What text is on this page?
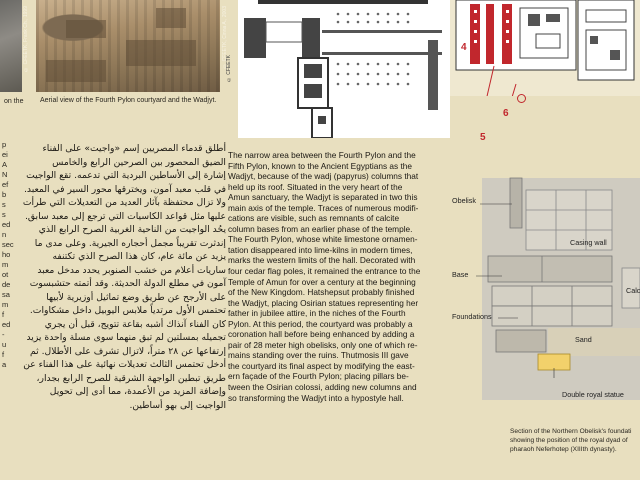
on the
© CFEETK, Frank Ch., 1999	© CFEETK, Cinna A., 2003
Aerial view of the Fourth Pylon courtyard and the Wadjyt.
© CFEETK
4
5
6
p
ei
A
N
ef
b
s
s
ed
n
sec
ho
m
ot
de
sa
m
f
ed
-
u
f
a
أطلق قدماء المصريين إسم «واجيت» على الفناء
الضيق المحصور بين الصرحين الرابع والخامس
إشارة إلى الأساطين البردية التي تدعمه. تقع الواجيت
في قلب معبد آمون، ويخترقها محور السير في المعبد.
ولا تزال محتفظة بآثار العديد من التعديلات التي طرأت
عليها مثل قواعد الكاسيات التي ترجع إلى معبد سابق.
يحُد الواجيت من الناحية الغربية الصرح الرابع الذي
إندثرت تقريباً مجمل أحجاره الجيرية. وعلى مدى ما
يزيد عن مائة عام، كان هذا الصرح الذي تكتنفه
ساريات أعلام من خشب الصنوبر يحدد مدخل معبد
آمون في مطلع الدولة الحديثة. وقد أتمته حتشبسوت
على الأرجح عن طريق وضع تماثيل أوزيرية لأبيها
تحتمس الأول مرتدياً ملابس اليوبيل داخل مشكاوات.
كان الفناء آنذاك أشبه بقاعة تتويج، قبل أن يجري
تجميله بمسلتين لم تبق منهما سوى مسلة واحدة يزيد
إرتفاعها عن ٢٨ متراً، لاتزال تشرف على الأطلال. ثم
أدخل تحتمس الثالث تعديلات نهائية على هذا الفناء عن
طريق تبطين الواجهة الشرقية للصرح الرابع بجدار،
وإضافة المزيد من الأعمدة، مما أدى إلى تحويل
الواجيت إلى بهو أساطين.
The narrow area between the Fourth Pylon and the
Fifth Pylon, known to the Ancient Egyptians as the
Wadjyt, because of the wadj (papyrus) columns that
held up its roof. Situated in the very heart of the
Amun sanctuary, the Wadjyt is separated in two this
main axis of the temple. Traces of numerous modifi-
cations are visible, such as remnants of calcite
column bases from an earlier phase of the temple.
The Fourth Pylon, whose white limestone ornamen-
tation disappeared into lime-kilns in modern times,
marks the western limits of the hall. Decorated with
four cedar flag poles, it remained the entrance to the
Temple of Amun for over a century at the beginning
of the New Kingdom. Hatshepsut probably finished
the Wadjyt, placing Osirian statues representing her
father in jubilee attire, in the niches of the Fourth
Pylon. At this period, the courtyard was probably a
coronation hall before being enhanced by adding a
pair of 28 meter high obelisks, only one of which re-
mains standing over the ruins. Thutmosis III gave
the courtyard its final aspect by modifying the east-
ern façade of the Fourth Pylon; placing pillars be-
tween the Osirian colossi, adding new columns and
so transforming the Wadjyt into a hypostyle hall.
Obelisk
Casing wall
Base
Calc
Foundations
Sand
Double royal statue
Section of the Northern Obelisk's foundati showing the position of the royal dyad of pharaoh Neferhotep (XIIIth dynasty).
